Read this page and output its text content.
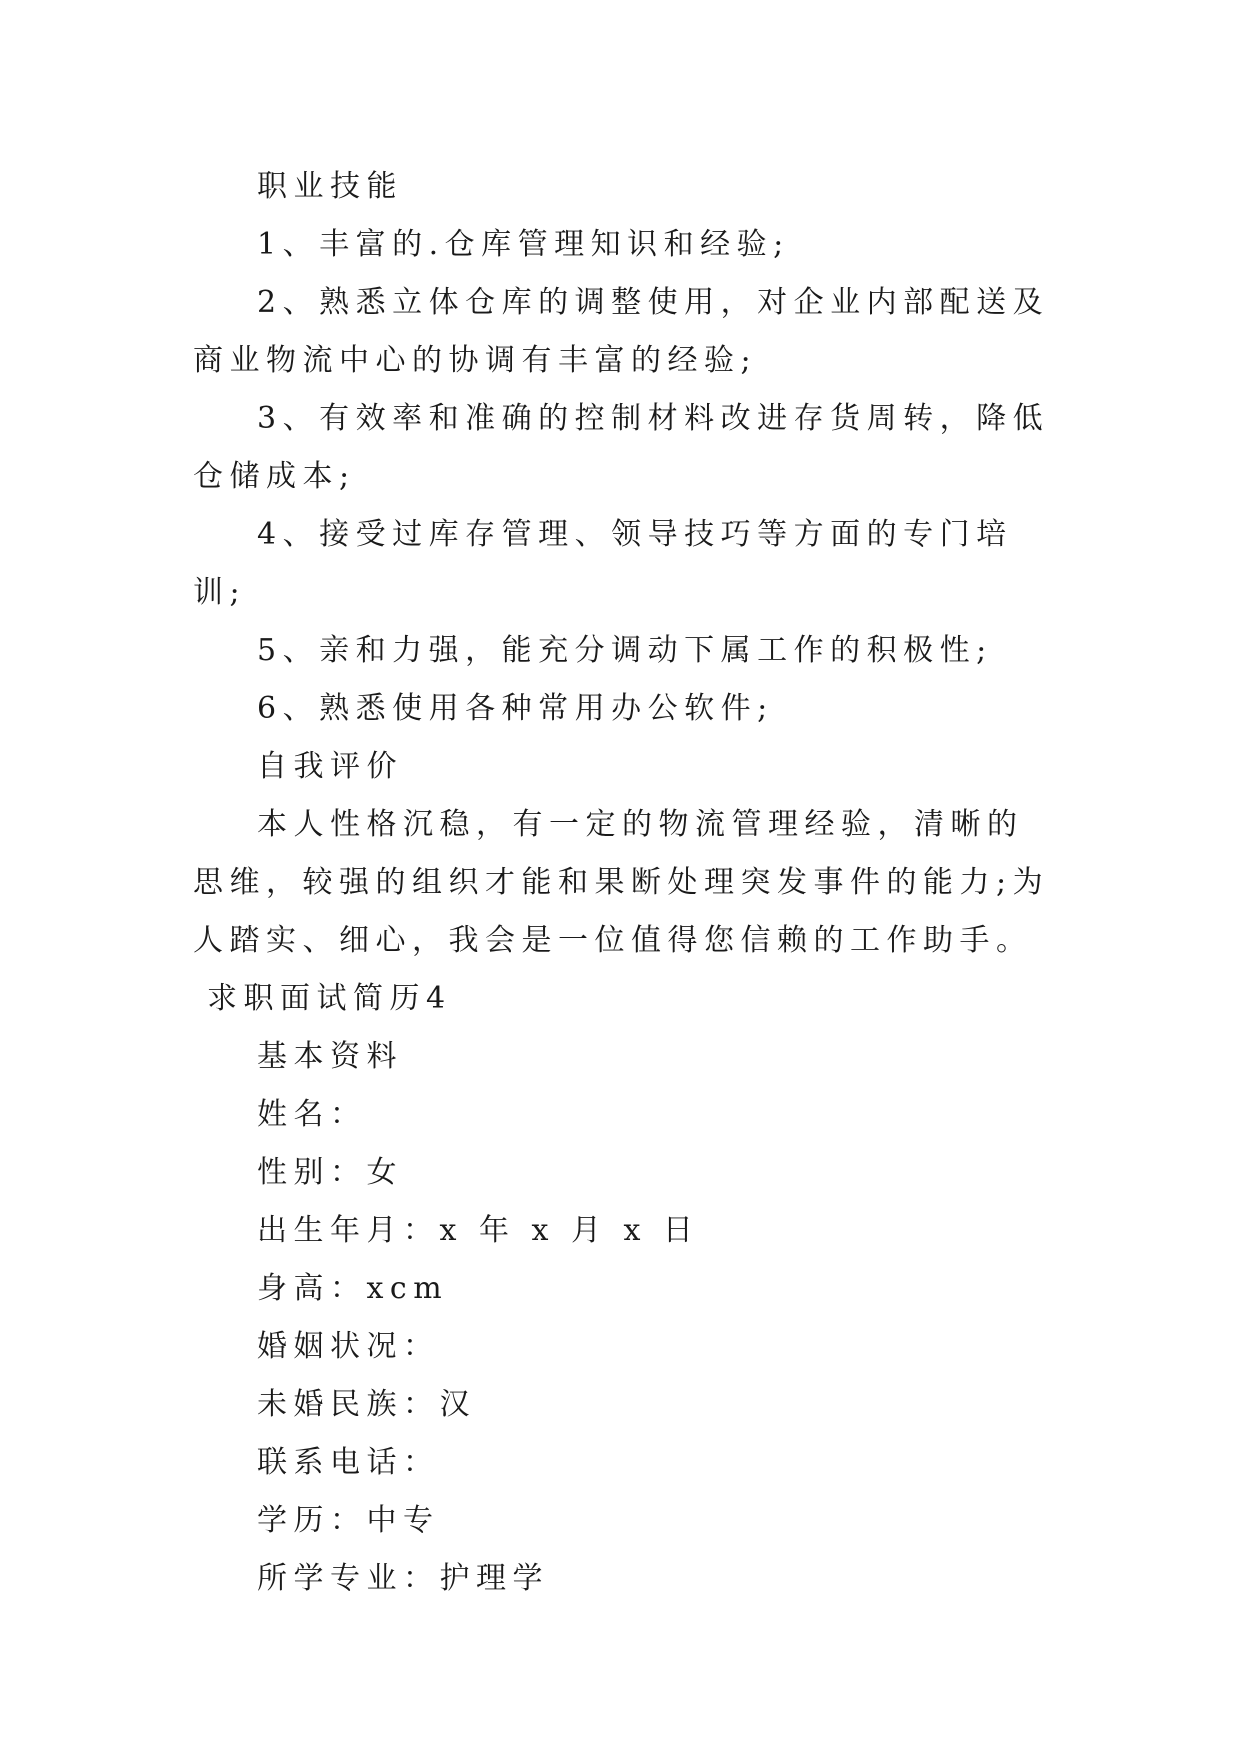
职业技能

1、丰富的.仓库管理知识和经验;

2、熟悉立体仓库的调整使用，对企业内部配送及商业物流中心的协调有丰富的经验;

3、有效率和准确的控制材料改进存货周转，降低仓储成本;

4、接受过库存管理、领导技巧等方面的专门培训;

5、亲和力强，能充分调动下属工作的积极性;

6、熟悉使用各种常用办公软件;

自我评价

本人性格沉稳，有一定的物流管理经验，清晰的思维，较强的组织才能和果断处理突发事件的能力;为人踏实、细心，我会是一位值得您信赖的工作助手。

求职面试简历4

基本资料

姓名：

性别：女

出生年月：x 年 x 月 x 日

身高：xcm

婚姻状况：

未婚民族：汉

联系电话：

学历：中专

所学专业：护理学
